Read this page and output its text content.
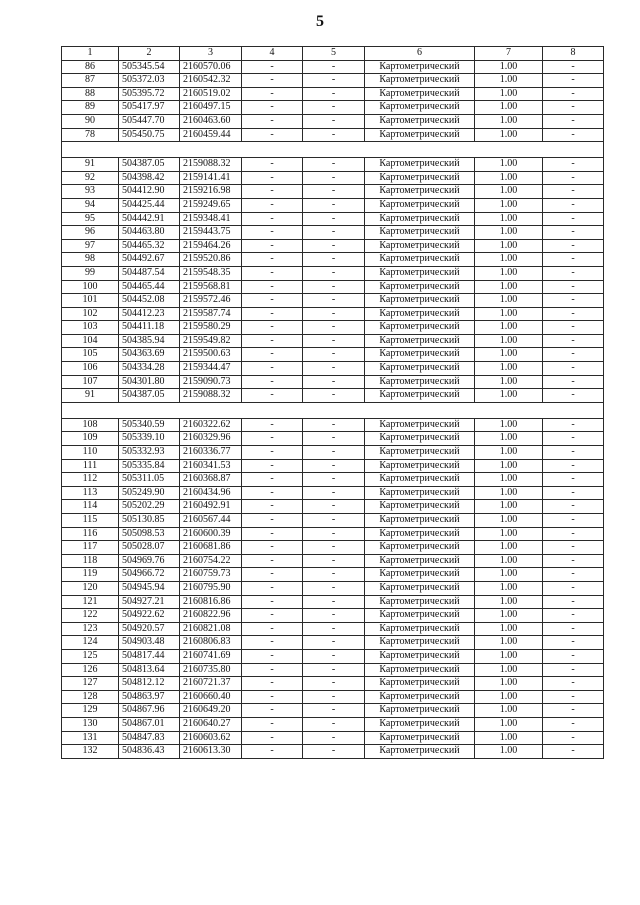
5
1	2	3	4	5	6	7	8
86	505345.54	2160570.06	-	-	Картометрический	1.00	-
87	505372.03	2160542.32	-	-	Картометрический	1.00	-
88	505395.72	2160519.02	-	-	Картометрический	1.00	-
89	505417.97	2160497.15	-	-	Картометрический	1.00	-
90	505447.70	2160463.60	-	-	Картометрический	1.00	-
78	505450.75	2160459.44	-	-	Картометрический	1.00	-

91	504387.05	2159088.32	-	-	Картометрический	1.00	-
92	504398.42	2159141.41	-	-	Картометрический	1.00	-
93	504412.90	2159216.98	-	-	Картометрический	1.00	-
94	504425.44	2159249.65	-	-	Картометрический	1.00	-
95	504442.91	2159348.41	-	-	Картометрический	1.00	-
96	504463.80	2159443.75	-	-	Картометрический	1.00	-
97	504465.32	2159464.26	-	-	Картометрический	1.00	-
98	504492.67	2159520.86	-	-	Картометрический	1.00	-
99	504487.54	2159548.35	-	-	Картометрический	1.00	-
100	504465.44	2159568.81	-	-	Картометрический	1.00	-
101	504452.08	2159572.46	-	-	Картометрический	1.00	-
102	504412.23	2159587.74	-	-	Картометрический	1.00	-
103	504411.18	2159580.29	-	-	Картометрический	1.00	-
104	504385.94	2159549.82	-	-	Картометрический	1.00	-
105	504363.69	2159500.63	-	-	Картометрический	1.00	-
106	504334.28	2159344.47	-	-	Картометрический	1.00	-
107	504301.80	2159090.73	-	-	Картометрический	1.00	-
91	504387.05	2159088.32	-	-	Картометрический	1.00	-

108	505340.59	2160322.62	-	-	Картометрический	1.00	-
109	505339.10	2160329.96	-	-	Картометрический	1.00	-
110	505332.93	2160336.77	-	-	Картометрический	1.00	-
111	505335.84	2160341.53	-	-	Картометрический	1.00	-
112	505311.05	2160368.87	-	-	Картометрический	1.00	-
113	505249.90	2160434.96	-	-	Картометрический	1.00	-
114	505202.29	2160492.91	-	-	Картометрический	1.00	-
115	505130.85	2160567.44	-	-	Картометрический	1.00	-
116	505098.53	2160600.39	-	-	Картометрический	1.00	-
117	505028.07	2160681.86	-	-	Картометрический	1.00	-
118	504969.76	2160754.22	-	-	Картометрический	1.00	-
119	504966.72	2160759.73	-	-	Картометрический	1.00	-
120	504945.94	2160795.90	-	-	Картометрический	1.00	-
121	504927.21	2160816.86	-	-	Картометрический	1.00	-
122	504922.62	2160822.96	-	-	Картометрический	1.00	-
123	504920.57	2160821.08	-	-	Картометрический	1.00	-
124	504903.48	2160806.83	-	-	Картометрический	1.00	-
125	504817.44	2160741.69	-	-	Картометрический	1.00	-
126	504813.64	2160735.80	-	-	Картометрический	1.00	-
127	504812.12	2160721.37	-	-	Картометрический	1.00	-
128	504863.97	2160660.40	-	-	Картометрический	1.00	-
129	504867.96	2160649.20	-	-	Картометрический	1.00	-
130	504867.01	2160640.27	-	-	Картометрический	1.00	-
131	504847.83	2160603.62	-	-	Картометрический	1.00	-
132	504836.43	2160613.30	-	-	Картометрический	1.00	-
